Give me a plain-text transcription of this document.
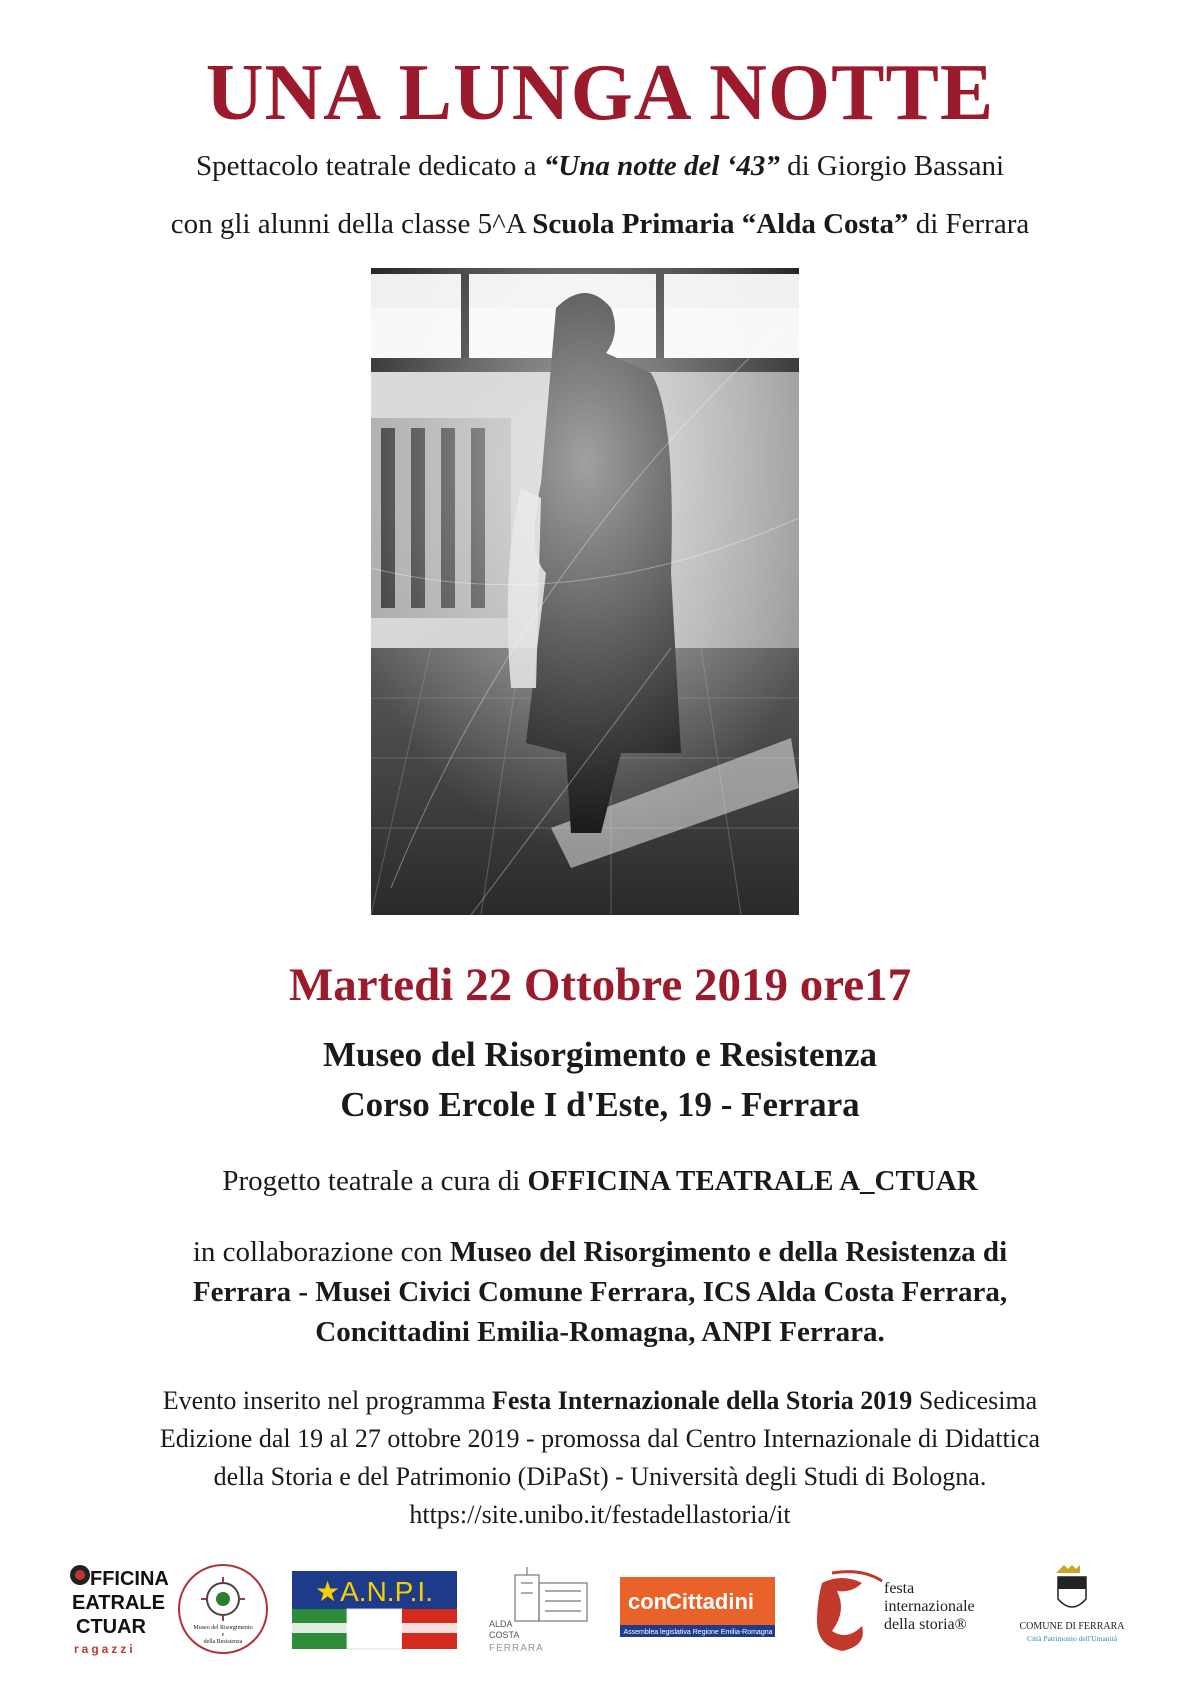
UNA LUNGA NOTTE
Spettacolo teatrale dedicato a “Una notte del ‘43” di Giorgio Bassani
con gli alunni della classe 5^A Scuola Primaria “Alda Costa” di Ferrara
Martedi 22 Ottobre 2019 ore17
Museo del Risorgimento e Resistenza
Corso Ercole I d'Este, 19 - Ferrara
Progetto teatrale a cura di OFFICINA TEATRALE A_CTUAR
in collaborazione con Museo del Risorgimento e della Resistenza di
Ferrara - Musei Civici Comune Ferrara, ICS Alda Costa Ferrara,
Concittadini Emilia-Romagna, ANPI Ferrara.
Evento inserito nel programma Festa Internazionale della Storia 2019 Sedicesima
Edizione dal 19 al 27 ottobre 2019 - promossa dal Centro Internazionale di Didattica
della Storia e del Patrimonio (DiPaSt) - Università degli Studi di Bologna.
https://site.unibo.it/festadellastoria/it
FFICINA
EATRALE
CTUAR
ragazzi
Museo del Risorgimento
e
della Resistenza
★A.N.P.I.
ALDA
COSTA
FERRARA
con
Cittadini
Assemblea legislativa Regione Emilia-Romagna
festa
internazionale
della storia®	COMUNE DI FERRARA
Città Patrimonio dell'Umanità
